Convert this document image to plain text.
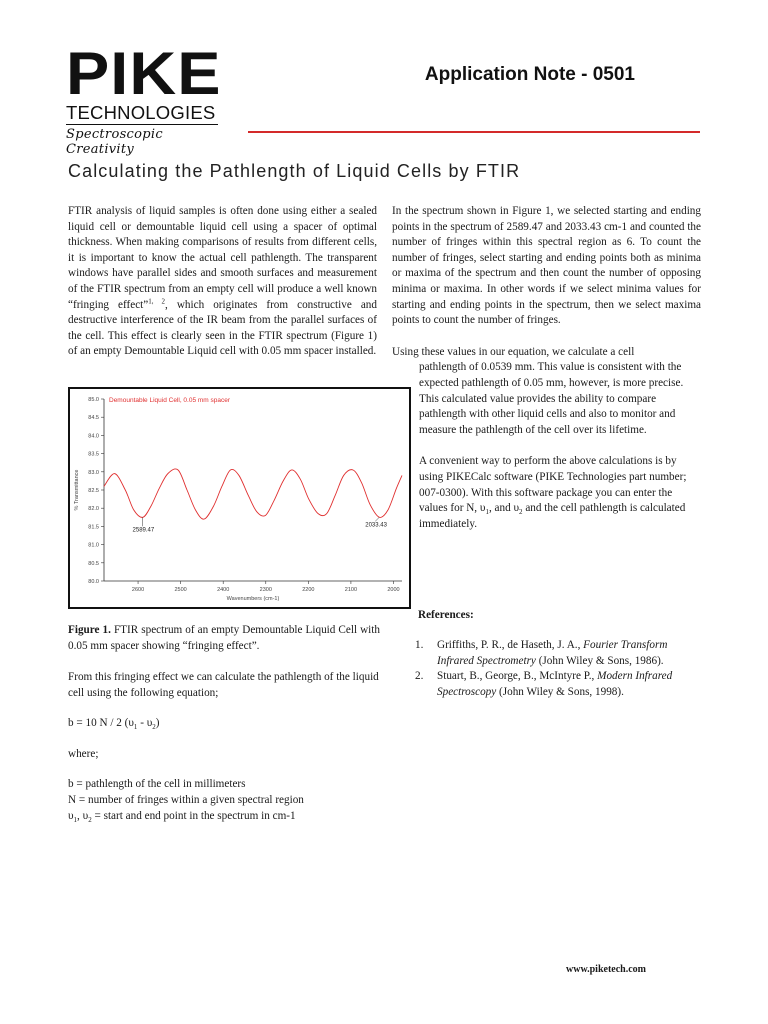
PIKE
TECHNOLOGIES
Spectroscopic Creativity
Application Note - 0501
Calculating the Pathlength of Liquid Cells by FTIR

FTIR analysis of liquid samples is often done using either a sealed liquid cell or demountable liquid cell using a spacer of optimal thickness. When making comparisons of results from different cells, it is important to know the actual cell pathlength. The transparent windows have parallel sides and smooth surfaces and measurement of the FTIR spectrum from an empty cell will produce a well known “fringing effect”$^{1, 2}$, which originates from constructive and destructive interference of the IR beam from the parallel surfaces of the cell. This effect is clearly seen in the FTIR spectrum (Figure 1) of an empty Demountable Liquid cell with 0.05 mm spacer installed.

85.0
84.5
84.0
83.5
83.0
82.5
82.0
81.5
81.0
80.5
80.0
2600	2500	2400	2300	2200	2100	2000
Wavenumbers (cm-1)
% Transmittance
Demountable Liquid Cell, 0.05 mm spacer
2589.47
2033.43
Figure 1. FTIR spectrum of an empty Demountable Liquid Cell with 0.05 mm spacer showing “fringing effect”.

From this fringing effect we can calculate the pathlength of the liquid cell using the following equation;

b = 10 N / 2 $(\upsilon_1 - \upsilon_2)$

where;

b = pathlength of the cell in millimeters

N = number of fringes within a given spectral region

$\upsilon_1$, $\upsilon_2$ = start and end point in the spectrum in cm-1

In the spectrum shown in Figure 1, we selected starting and ending points in the spectrum of 2589.47 and 2033.43 cm-1 and counted the number of fringes within this spectral region as 6. To count the number of fringes, select starting and ending points both as minima or maxima of the spectrum and then count the number of opposing minima or maxima. In other words if we select minima values for starting and ending points in the spectrum, then we select maxima points to count the number of fringes.

Using these values in our equation, we calculate a cell

pathlength of 0.0539 mm. This value is consistent with the expected pathlength of 0.05 mm, however, is more precise. This calculated value provides the ability to compare pathlength with other liquid cells and also to monitor and measure the pathlength of the cell over its lifetime.

A convenient way to perform the above calculations is by using PIKECalc software (PIKE Technologies part number; 007-0300). With this software package you can enter the values for N, $\upsilon_1$, and $\upsilon_2$ and the cell pathlength is calculated immediately.

References:
1. Griffiths, P. R., de Haseth, J. A., Fourier Transform Infrared Spectrometry (John Wiley & Sons, 1986).
2. Stuart, B., George, B., McIntyre P., Modern Infrared Spectroscopy (John Wiley & Sons, 1998).
www.piketech.com
